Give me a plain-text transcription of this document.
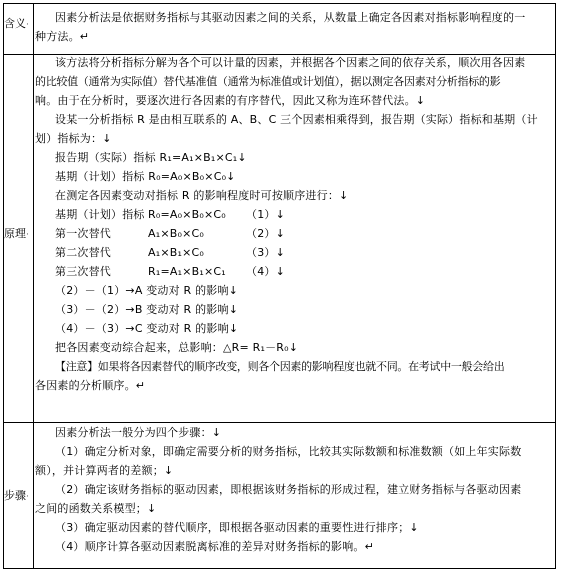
含义·

因素分析法是依据财务指标与其驱动因素之间的关系，从数量上确定各因素对指标影响程度的一

种方法。↵

原理·

该方法将分析指标分解为各个可以计量的因素，并根据各个因素之间的依存关系，顺次用各因素

的比较值（通常为实际值）替代基准值（通常为标准值或计划值），据以测定各因素对分析指标的影

响。由于在分析时，要逐次进行各因素的有序替代，因此又称为连环替代法。↓

设某一分析指标 R 是由相互联系的 A、B、C 三个因素相乘得到，报告期（实际）指标和基期（计

划）指标为：↓

报告期（实际）指标 R₁=A₁×B₁×C₁↓

基期（计划）指标 R₀=A₀×B₀×C₀↓

在测定各因素变动对指标 R 的影响程度时可按顺序进行：↓

基期（计划）指标 R₀=A₀×B₀×C₀ （1）↓

第一次替代	A₁×B₀×C₀	（2）↓

第二次替代	A₁×B₁×C₀	（3）↓

第三次替代	R₁=A₁×B₁×C₁ （4）↓

（2）－（1）→A 变动对 R 的影响↓

（3）－（2）→B 变动对 R 的影响↓

（4）－（3）→C 变动对 R 的影响↓

把各因素变动综合起来，总影响：△R= R₁－R₀↓

【注意】如果将各因素替代的顺序改变，则各个因素的影响程度也就不同。在考试中一般会给出

各因素的分析顺序。↵

步骤·

因素分析法一般分为四个步骤：↓

（1）确定分析对象，即确定需要分析的财务指标，比较其实际数额和标准数额（如上年实际数

额），并计算两者的差额；↓

（2）确定该财务指标的驱动因素，即根据该财务指标的形成过程，建立财务指标与各驱动因素

之间的函数关系模型；↓

（3）确定驱动因素的替代顺序，即根据各驱动因素的重要性进行排序；↓

（4）顺序计算各驱动因素脱离标准的差异对财务指标的影响。↵
